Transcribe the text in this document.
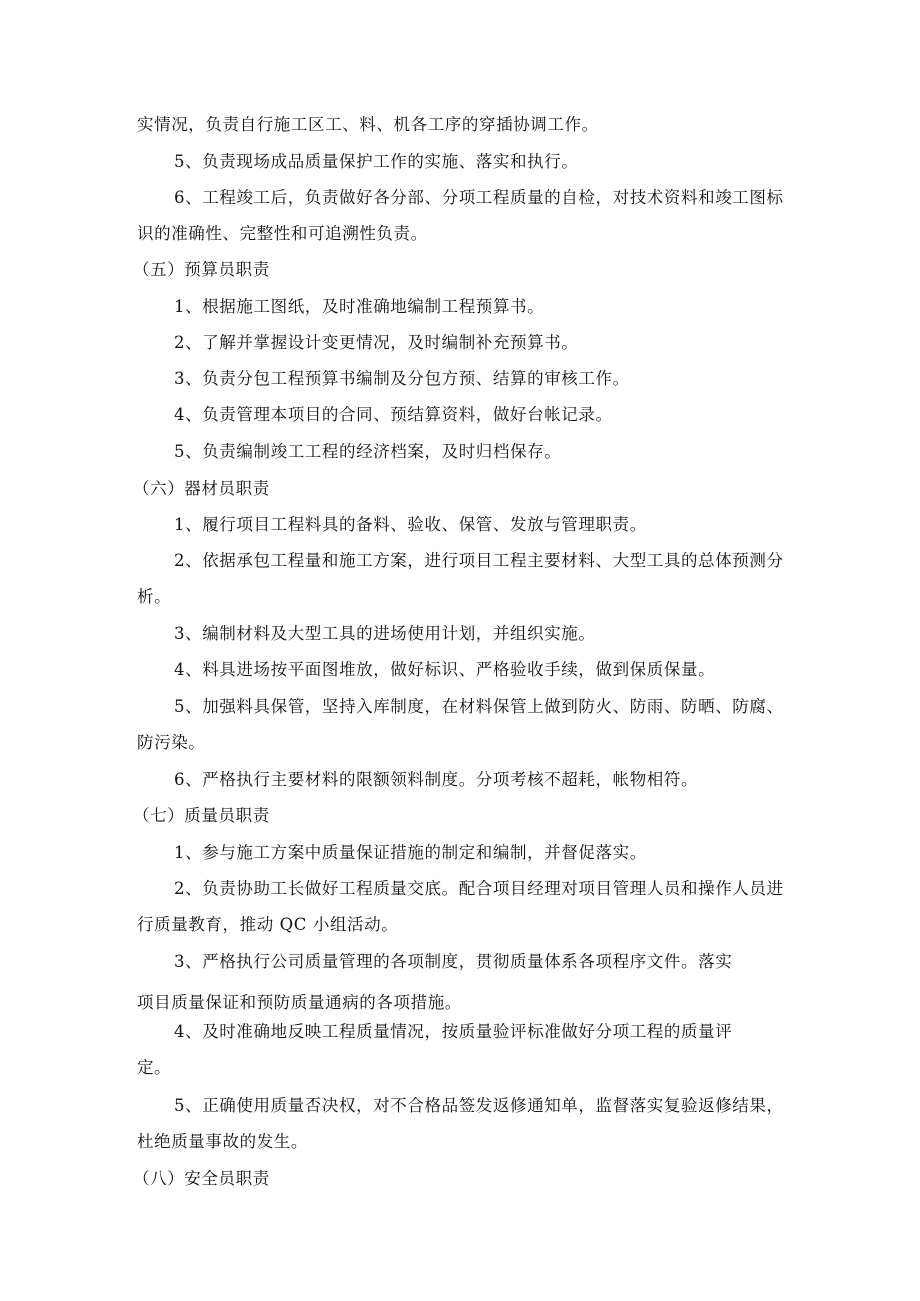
实情况，负责自行施工区工、料、机各工序的穿插协调工作。
5、负责现场成品质量保护工作的实施、落实和执行。
6、工程竣工后，负责做好各分部、分项工程质量的自检，对技术资料和竣工图标
识的准确性、完整性和可追溯性负责。
（五）预算员职责
1、根据施工图纸，及时准确地编制工程预算书。
2、了解并掌握设计变更情况，及时编制补充预算书。
3、负责分包工程预算书编制及分包方预、结算的审核工作。
4、负责管理本项目的合同、预结算资料，做好台帐记录。
5、负责编制竣工工程的经济档案，及时归档保存。
（六）器材员职责
1、履行项目工程料具的备料、验收、保管、发放与管理职责。
2、依据承包工程量和施工方案，进行项目工程主要材料、大型工具的总体预测分
析。
3、编制材料及大型工具的进场使用计划，并组织实施。
4、料具进场按平面图堆放，做好标识、严格验收手续，做到保质保量。
5、加强料具保管，坚持入库制度，在材料保管上做到防火、防雨、防晒、防腐、
防污染。
6、严格执行主要材料的限额领料制度。分项考核不超耗，帐物相符。
（七）质量员职责
1、参与施工方案中质量保证措施的制定和编制，并督促落实。
2、负责协助工长做好工程质量交底。配合项目经理对项目管理人员和操作人员进
行质量教育，推动 QC 小组活动。
3、严格执行公司质量管理的各项制度，贯彻质量体系各项程序文件。落实
项目质量保证和预防质量通病的各项措施。
4、及时准确地反映工程质量情况，按质量验评标准做好分项工程的质量评
定。
5、正确使用质量否决权，对不合格品签发返修通知单，监督落实复验返修结果，
杜绝质量事故的发生。
（八）安全员职责
